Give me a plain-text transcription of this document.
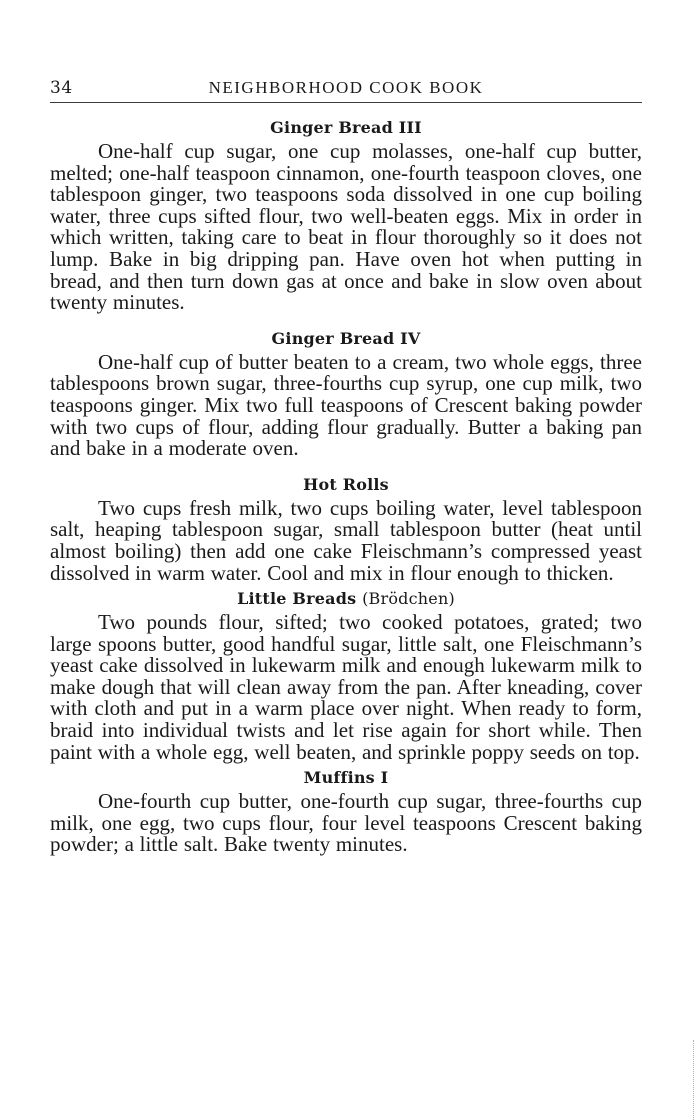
34	NEIGHBORHOOD COOK BOOK
Ginger Bread III

One-half cup sugar, one cup molasses, one-half cup butter, melted; one-half teaspoon cinnamon, one-fourth teaspoon cloves, one tablespoon ginger, two teaspoons soda dissolved in one cup boiling water, three cups sifted flour, two well-beaten eggs. Mix in order in which written, taking care to beat in flour thoroughly so it does not lump. Bake in big dripping pan. Have oven hot when putting in bread, and then turn down gas at once and bake in slow oven about twenty minutes.

Ginger Bread IV

One-half cup of butter beaten to a cream, two whole eggs, three tablespoons brown sugar, three-fourths cup syrup, one cup milk, two teaspoons ginger. Mix two full teaspoons of Crescent baking powder with two cups of flour, adding flour gradually. Butter a baking pan and bake in a moderate oven.

Hot Rolls

Two cups fresh milk, two cups boiling water, level tablespoon salt, heaping tablespoon sugar, small tablespoon butter (heat until almost boiling) then add one cake Fleischmann’s compressed yeast dissolved in warm water. Cool and mix in flour enough to thicken.

Little Breads (Brödchen)

Two pounds flour, sifted; two cooked potatoes, grated; two large spoons butter, good handful sugar, little salt, one Fleischmann’s yeast cake dissolved in lukewarm milk and enough lukewarm milk to make dough that will clean away from the pan. After kneading, cover with cloth and put in a warm place over night. When ready to form, braid into individual twists and let rise again for short while. Then paint with a whole egg, well beaten, and sprinkle poppy seeds on top.

Muffins I

One-fourth cup butter, one-fourth cup sugar, three-fourths cup milk, one egg, two cups flour, four level teaspoons Crescent baking powder; a little salt. Bake twenty minutes.
